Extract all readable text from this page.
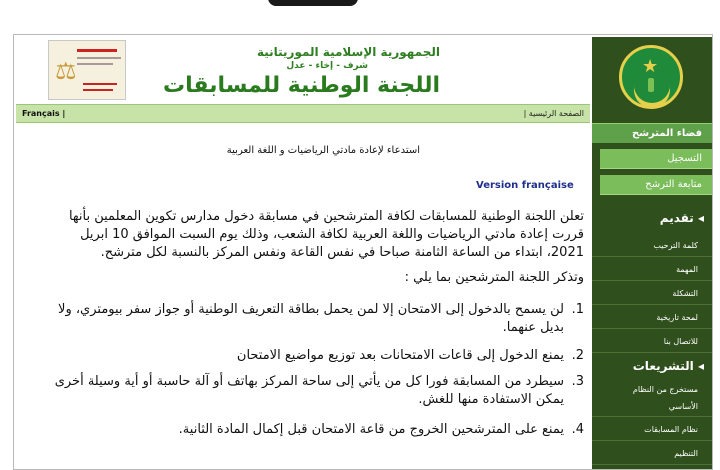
الجمهورية الإسلامية الموريتانية
شرف - إخاء - عدل
اللجنة الوطنية للمسابقات
⚖
الصفحة الرئيسية |
Français |
استدعاء لإعادة مادتي الرياضيات و اللغة العربية
Version française
تعلن اللجنة الوطنية للمسابقات لكافة المترشحين في مسابقة دخول مدارس تكوين المعلمين بأنها
قررت إعادة مادتي الرياضيات واللغة العربية لكافة الشعب، وذلك يوم السبت الموافق 10 ابريل
2021، ابتداء من الساعة الثامنة صباحا في نفس القاعة ونفس المركز بالنسبة لكل مترشح.
وتذكر اللجنة المترشحين بما يلي :
1.لن يسمح بالدخول إلى الامتحان إلا لمن يحمل بطاقة التعريف الوطنية أو جواز سفر بيومتري، ولا
بديل عنهما.
2.يمنع الدخول إلى قاعات الامتحانات بعد توزيع مواضيع الامتحان
3.سيطرد من المسابقة فورا كل من يأتي إلى ساحة المركز بهاتف أو آلة حاسبة أو أية وسيلة أخرى
يمكن الاستفادة منها للغش.
4.يمنع على المترشحين الخروج من قاعة الامتحان قبل إكمال المادة الثانية.
★
فضاء المترشح
التسجيل
متابعة الترشح
◂ تقديم
كلمة الترحيب
المهمة
التشكلة
لمحة تاريخية
للاتصال بنا
◂ التشريعات
مستخرج من النظام
الأساسي
نظام المسابقات
التنظيم
